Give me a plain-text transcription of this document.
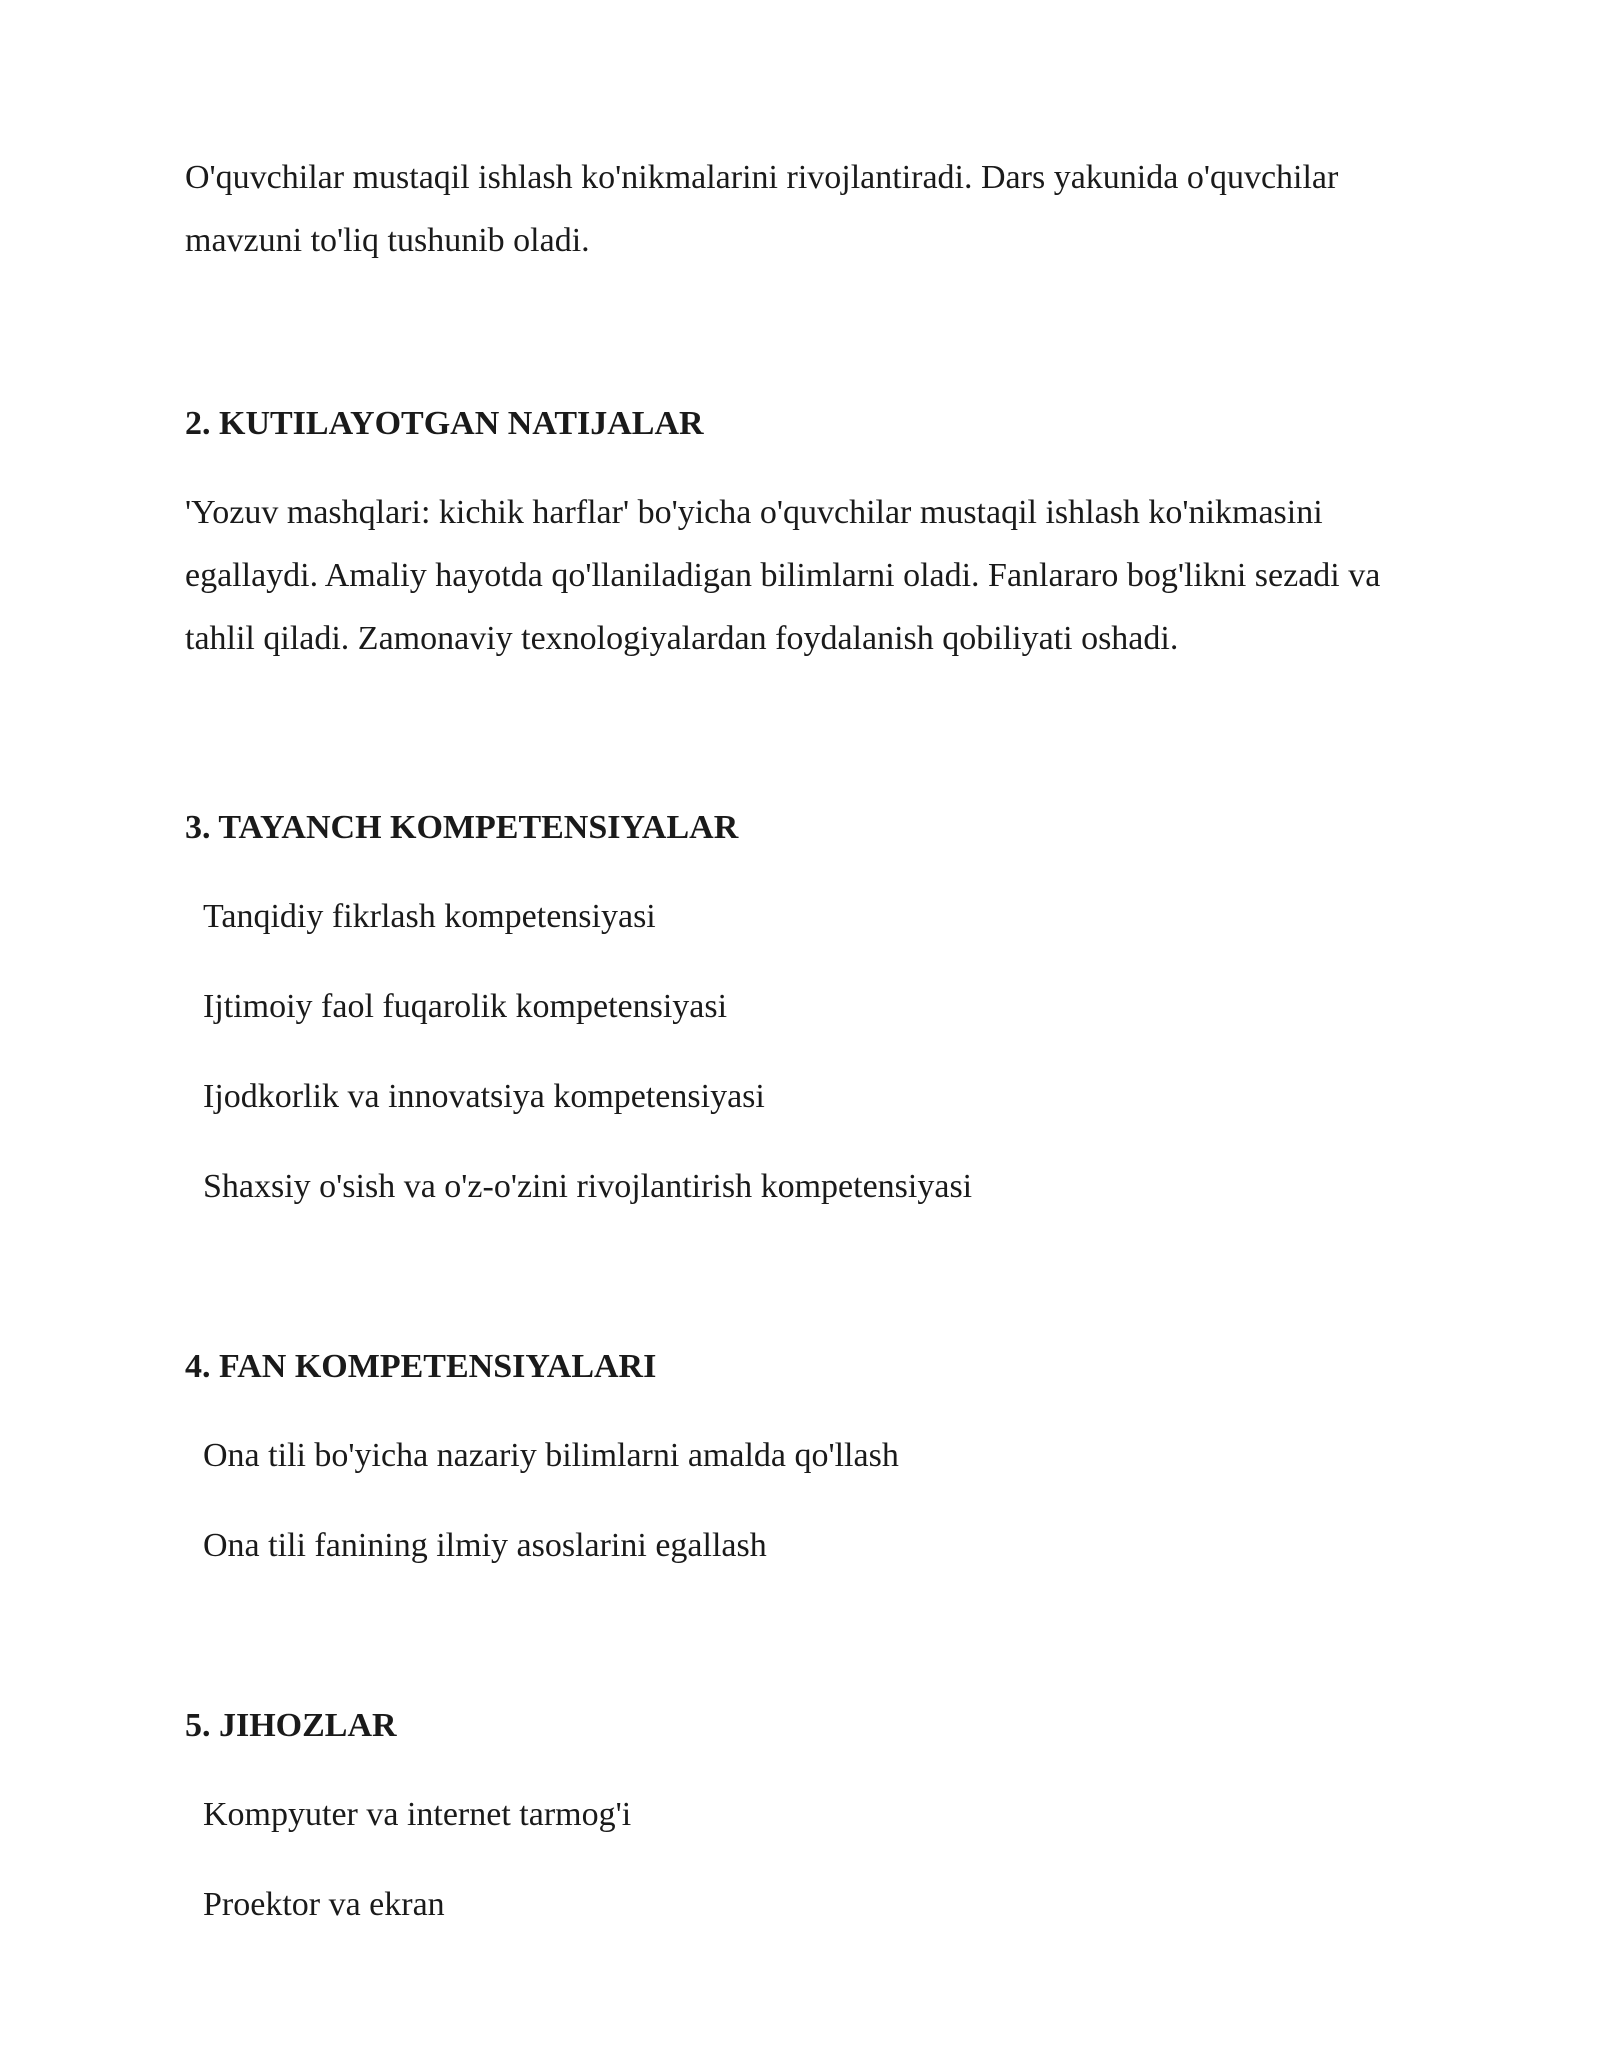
O'quvchilar mustaqil ishlash ko'nikmalarini rivojlantiradi. Dars yakunida o'quvchilar mavzuni to'liq tushunib oladi.

2. KUTILAYOTGAN NATIJALAR

'Yozuv mashqlari: kichik harflar' bo'yicha o'quvchilar mustaqil ishlash ko'nikmasini egallaydi. Amaliy hayotda qo'llaniladigan bilimlarni oladi. Fanlararo bog'likni sezadi va tahlil qiladi. Zamonaviy texnologiyalardan foydalanish qobiliyati oshadi.

3. TAYANCH KOMPETENSIYALAR
Tanqidiy fikrlash kompetensiyasi
Ijtimoiy faol fuqarolik kompetensiyasi
Ijodkorlik va innovatsiya kompetensiyasi
Shaxsiy o'sish va o'z-o'zini rivojlantirish kompetensiyasi
4. FAN KOMPETENSIYALARI
Ona tili bo'yicha nazariy bilimlarni amalda qo'llash
Ona tili fanining ilmiy asoslarini egallash
5. JIHOZLAR
Kompyuter va internet tarmog'i
Proektor va ekran
